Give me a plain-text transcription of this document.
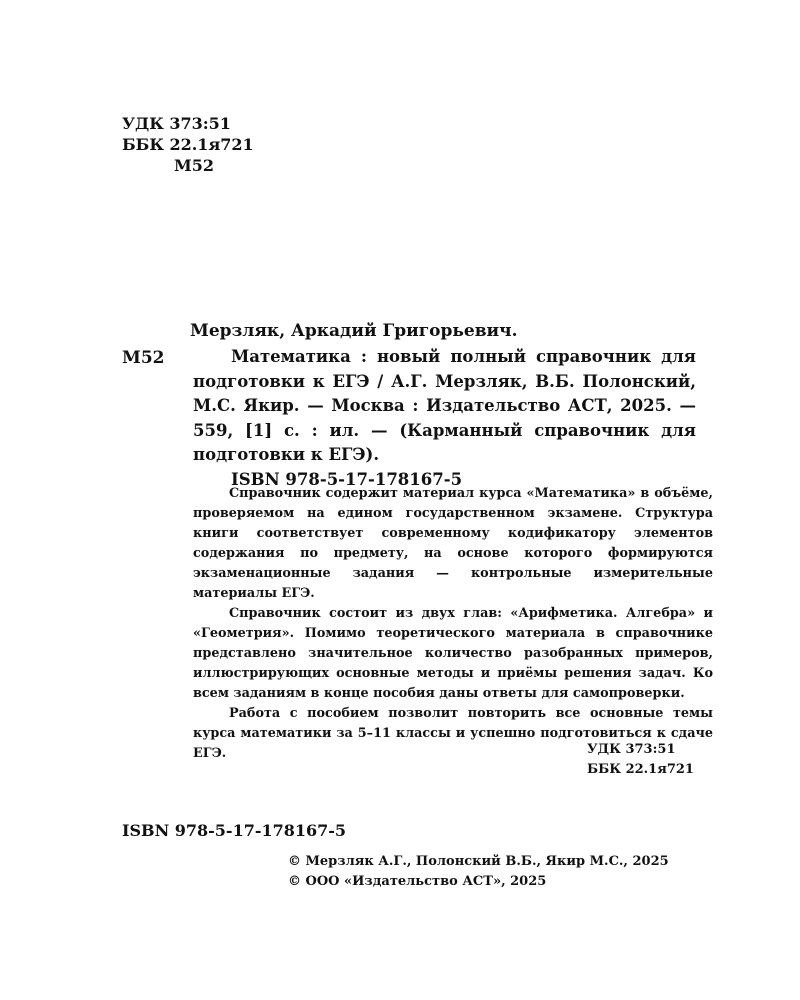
УДК 373:51
ББК 22.1я721
М52
Мерзляк, Аркадий Григорьевич.
М52	Математика : новый полный справочник для подготовки к ЕГЭ / А.Г. Мерзляк, В.Б. Полонский, М.С. Якир. — Москва : Издательство АСТ, 2025. — 559, [1] с. : ил. — (Карманный справочник для подготовки к ЕГЭ).

ISBN 978-5-17-178167-5

Справочник содержит материал курса «Математика» в объёме, проверяемом на едином государственном экзамене. Структура книги соответствует современному кодификатору элементов содержания по предмету, на основе которого формируются экзаменационные задания — контрольные измерительные материалы ЕГЭ.

Справочник состоит из двух глав: «Арифметика. Алгебра» и «Геометрия». Помимо теоретического материала в справочнике представлено значительное количество разобранных примеров, иллюстрирующих основные методы и приёмы решения задач. Ко всем заданиям в конце пособия даны ответы для самопроверки.

Работа с пособием позволит повторить все основные темы курса математики за 5–11 классы и успешно подготовиться к сдаче ЕГЭ.	УДК 373:51
ББК 22.1я721
ISBN 978-5-17-178167-5
© Мерзляк А.Г., Полонский В.Б., Якир М.С., 2025
© ООО «Издательство АСТ», 2025
